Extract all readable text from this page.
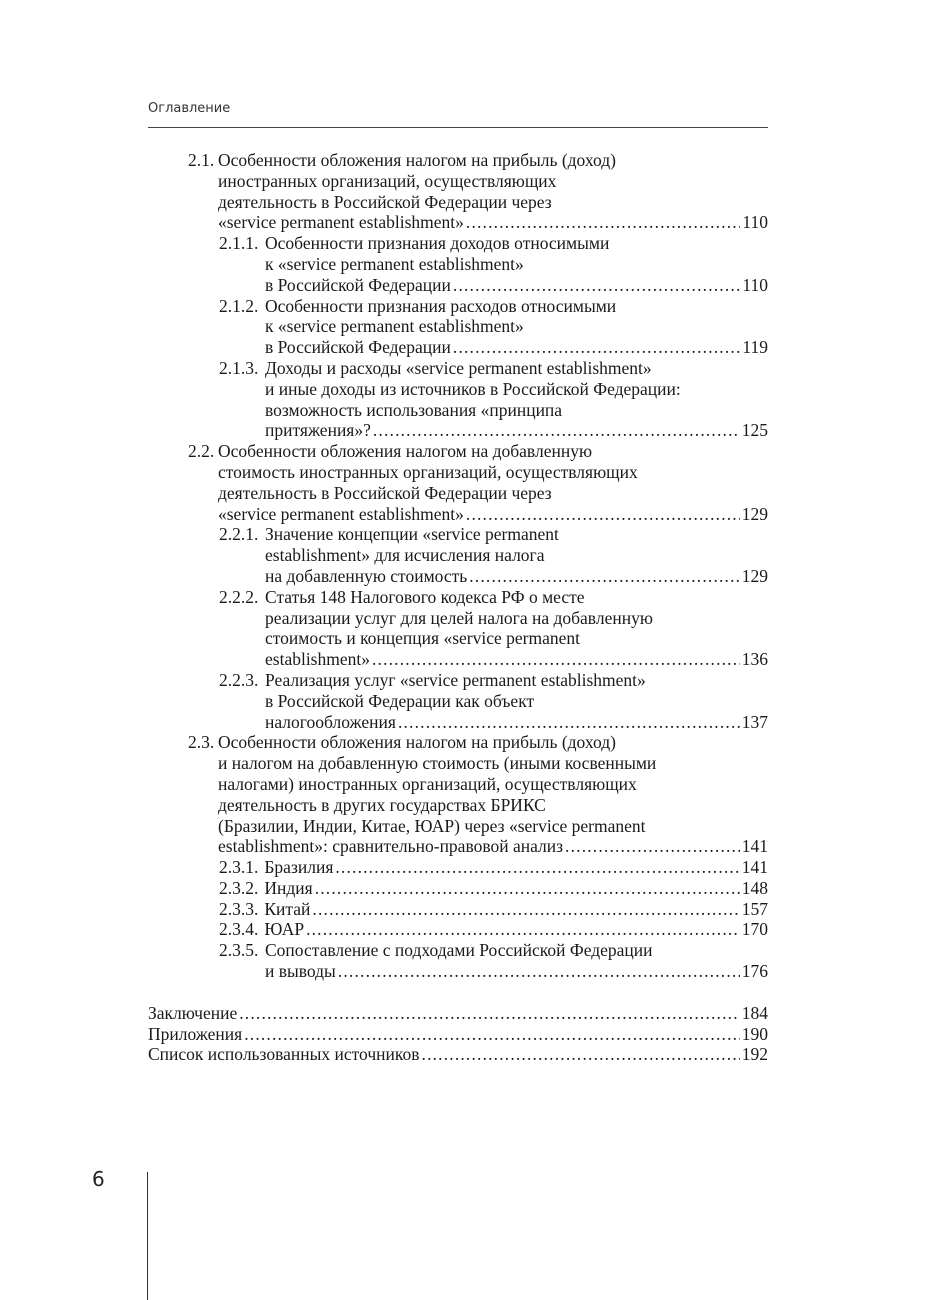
Оглавление
2.1. Особенности обложения налогом на прибыль (доход)
иностранных организаций, осуществляющих
деятельность в Российской Федерации через
«service permanent establishment» . . .	110
2.1.1. Особенности признания доходов относимыми
к «service permanent establishment»
в Российской Федерации . . .	110
2.1.2. Особенности признания расходов относимыми
к «service permanent establishment»
в Российской Федерации . . .	119
2.1.3. Доходы и расходы «service permanent establishment»
и иные доходы из источников в Российской Федерации:
возможность использования «принципа
притяжения»? . . .	125
2.2. Особенности обложения налогом на добавленную
стоимость иностранных организаций, осуществляющих
деятельность в Российской Федерации через
«service permanent establishment» . . .	129
2.2.1. Значение концепции «service permanent
establishment» для исчисления налога
на добавленную стоимость . . .	129
2.2.2. Статья 148 Налогового кодекса РФ о месте
реализации услуг для целей налога на добавленную
стоимость и концепция «service permanent
establishment» . . .	136
2.2.3. Реализация услуг «service permanent establishment»
в Российской Федерации как объект
налогообложения . . .	137
2.3. Особенности обложения налогом на прибыль (доход)
и налогом на добавленную стоимость (иными косвенными
налогами) иностранных организаций, осуществляющих
деятельность в других государствах БРИКС
(Бразилии, Индии, Китае, ЮАР) через «service permanent
establishment»: сравнительно-правовой анализ . . .	141
2.3.1. Бразилия . . .	141
2.3.2. Индия . . .	148
2.3.3. Китай . . .	157
2.3.4. ЮАР . . .	170
2.3.5. Сопоставление с подходами Российской Федерации
и выводы . . .	176
Заключение . . .	184
Приложения . . .	190
Список использованных источников . . .	192
6
